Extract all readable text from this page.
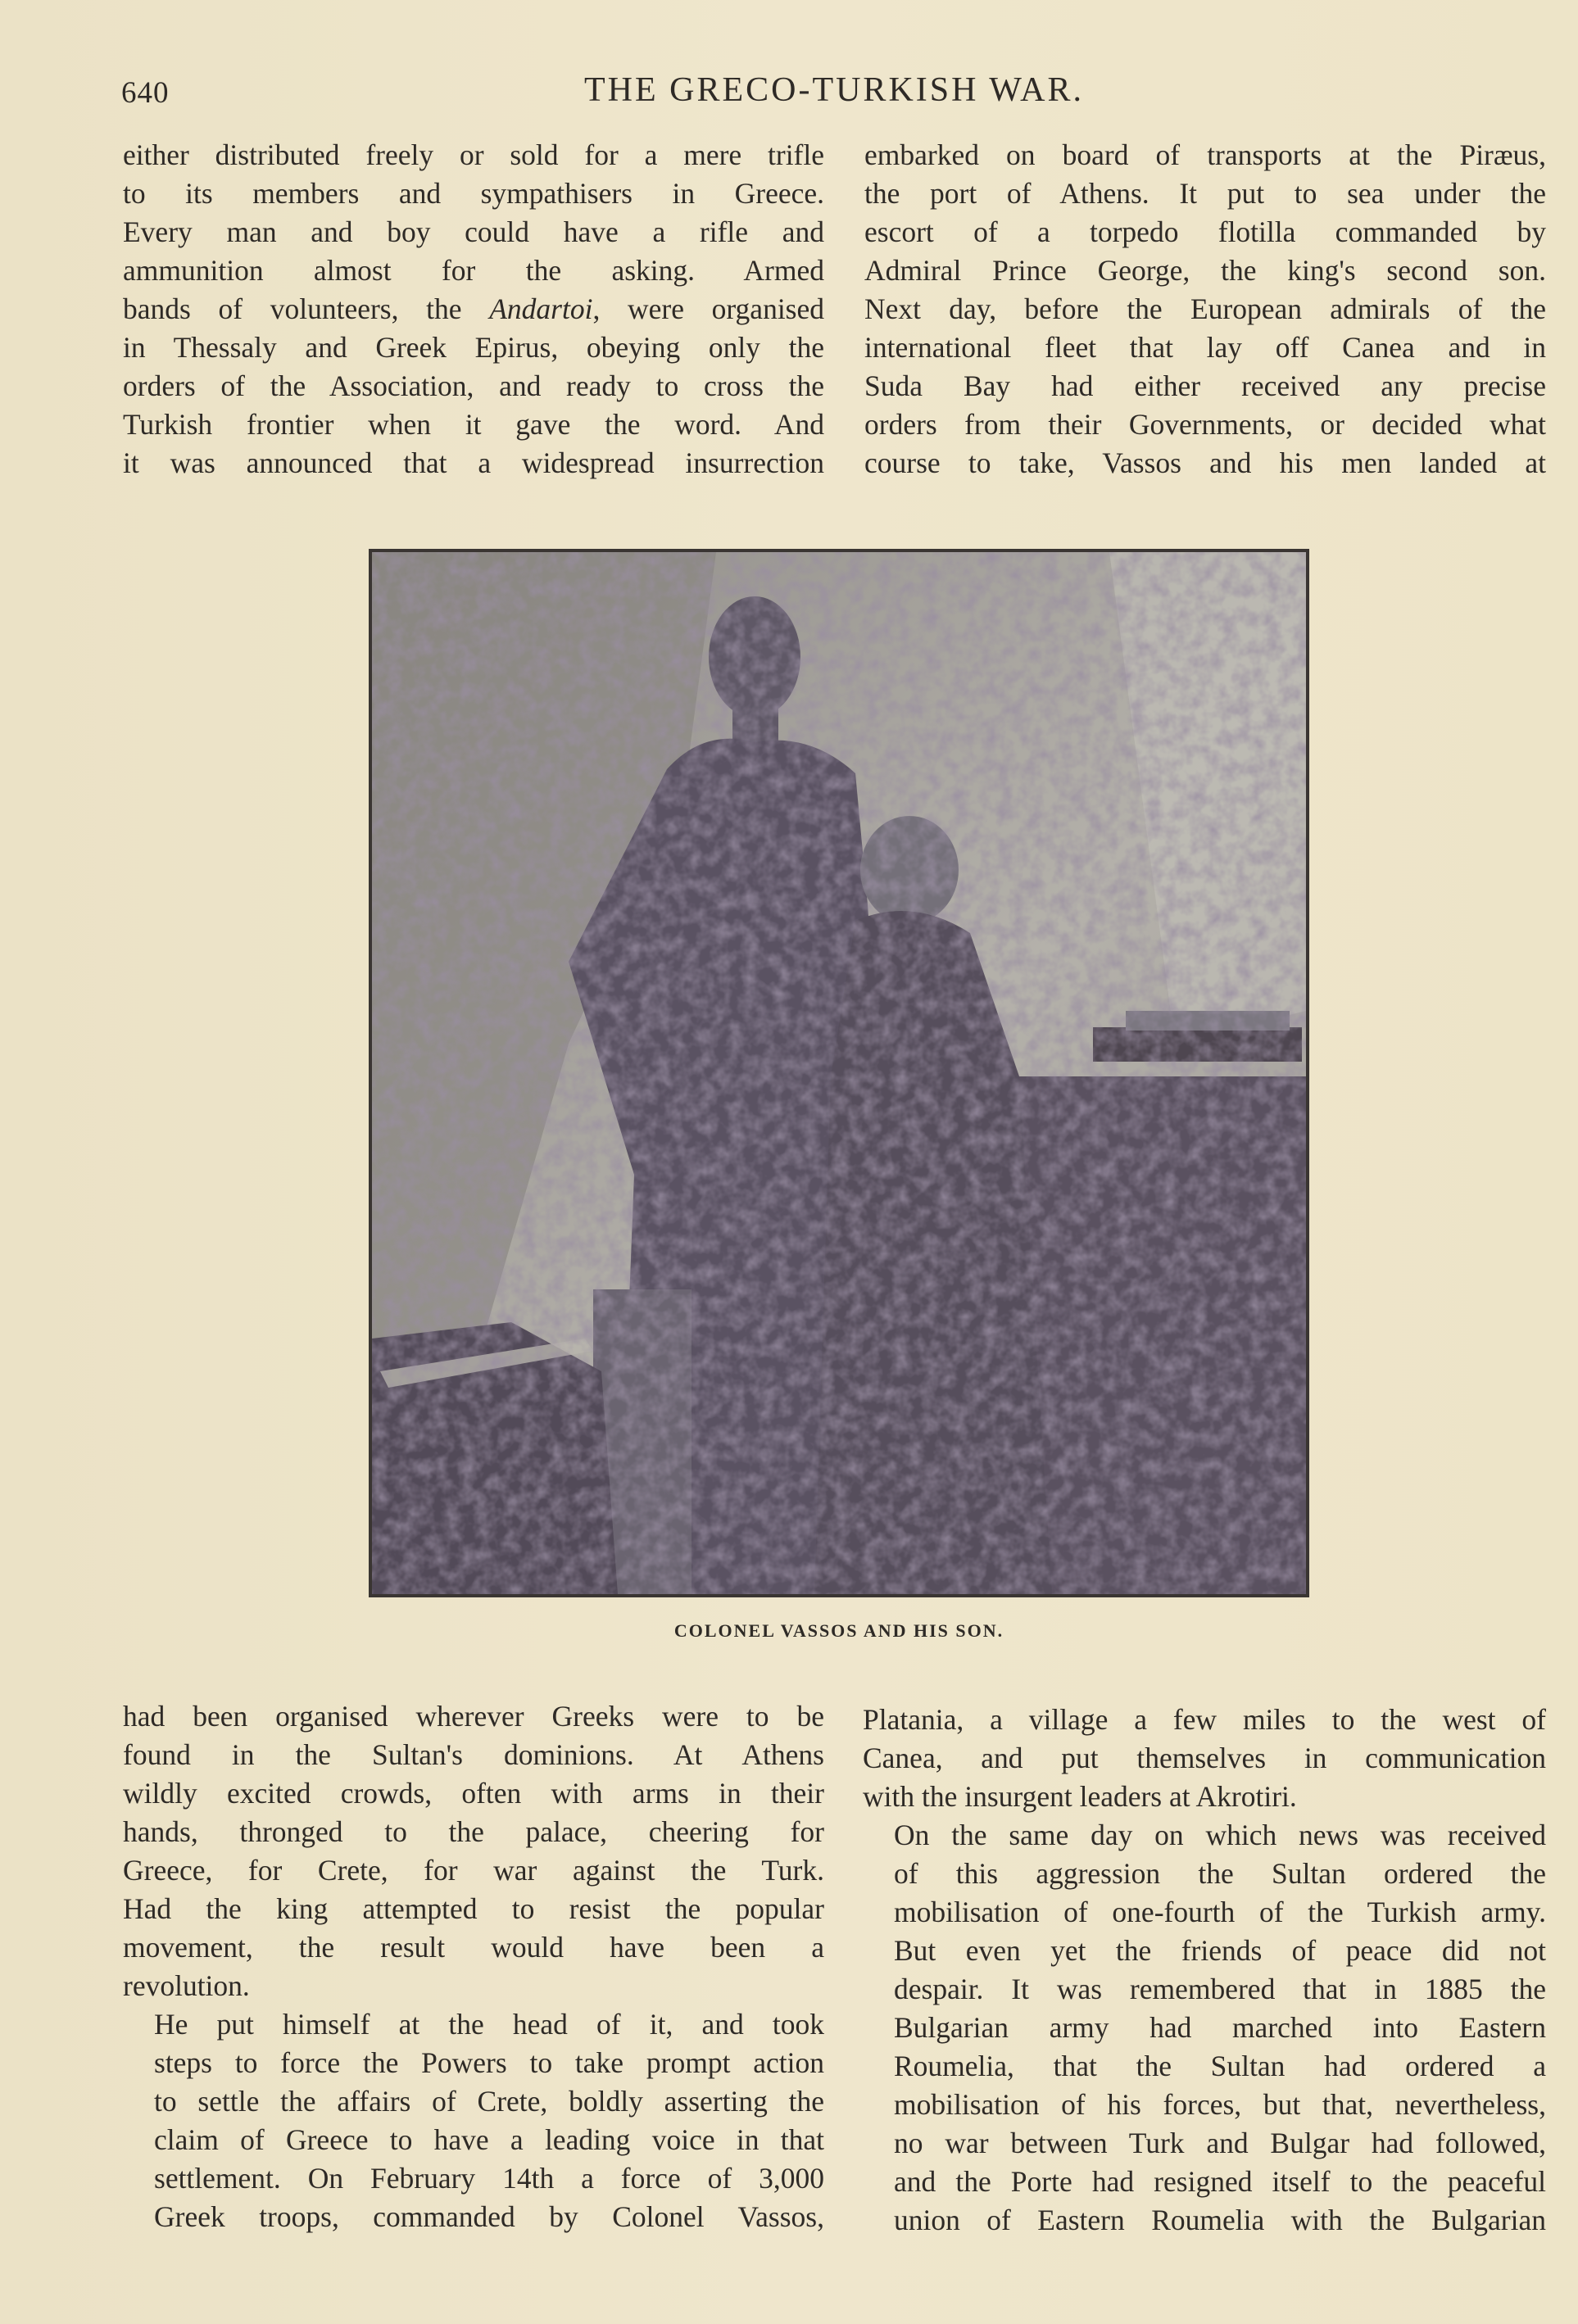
640	THE GRECO-TURKISH WAR.

either distributed freely or sold for a mere trifle
to its members and sympathisers in Greece.
Every man and boy could have a rifle and
ammunition almost for the asking. Armed
bands of volunteers, the Andartoi, were organised
in Thessaly and Greek Epirus, obeying only the
orders of the Association, and ready to cross the
Turkish frontier when it gave the word. And
it was announced that a widespread insurrection

embarked on board of transports at the Piræus,
the port of Athens. It put to sea under the
escort of a torpedo flotilla commanded by
Admiral Prince George, the king's second son.
Next day, before the European admirals of the
international fleet that lay off Canea and in
Suda Bay had either received any precise
orders from their Governments, or decided what
course to take, Vassos and his men landed at

COLONEL VASSOS AND HIS SON.

had been organised wherever Greeks were to be
found in the Sultan's dominions. At Athens
wildly excited crowds, often with arms in their
hands, thronged to the palace, cheering for
Greece, for Crete, for war against the Turk.
Had the king attempted to resist the popular
movement, the result would have been a
revolution.

He put himself at the head of it, and took
steps to force the Powers to take prompt action
to settle the affairs of Crete, boldly asserting the
claim of Greece to have a leading voice in that
settlement. On February 14th a force of 3,000
Greek troops, commanded by Colonel Vassos,

Platania, a village a few miles to the west of
Canea, and put themselves in communication
with the insurgent leaders at Akrotiri.

On the same day on which news was received
of this aggression the Sultan ordered the
mobilisation of one-fourth of the Turkish army.
But even yet the friends of peace did not
despair. It was remembered that in 1885 the
Bulgarian army had marched into Eastern
Roumelia, that the Sultan had ordered a
mobilisation of his forces, but that, nevertheless,
no war between Turk and Bulgar had followed,
and the Porte had resigned itself to the peaceful
union of Eastern Roumelia with the Bulgarian
